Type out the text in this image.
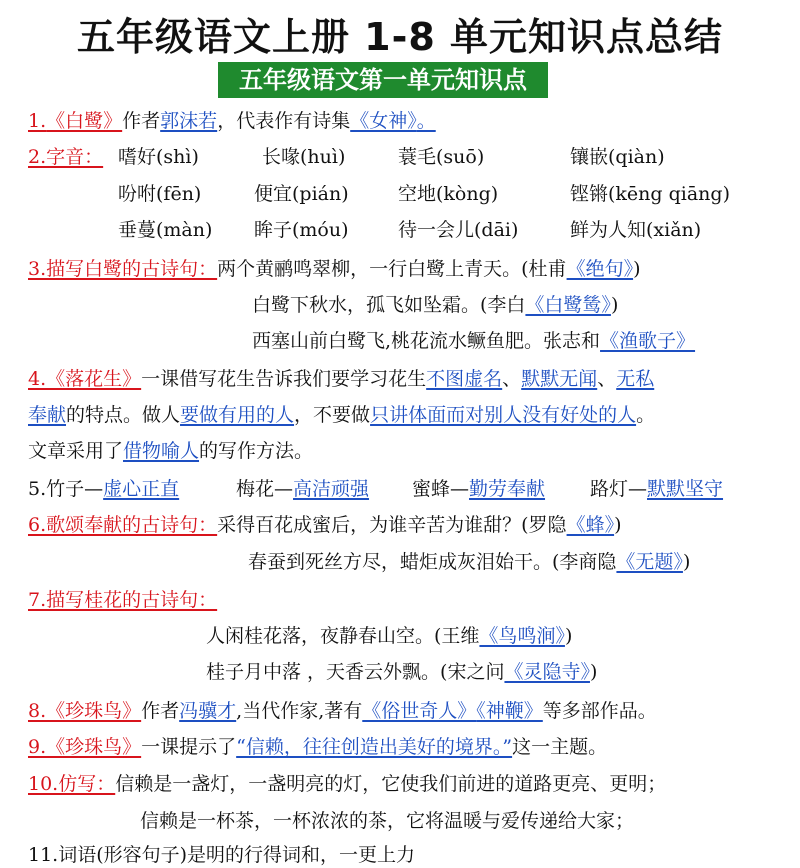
五年级语文上册 1-8 单元知识点总结
五年级语文第一单元知识点
1.《白鹭》作者郭沫若，代表作有诗集《女神》。
2.字音： 嗜好(shì)	长喙(huì)	蓑毛(suō)	镶嵌(qiàn)
吩咐(fēn)	便宜(pián)	空地(kòng)	铿锵(kēng qiāng)
垂蔓(màn) 眸子(móu)	待一会儿(dāi)	鲜为人知(xiǎn)
3.描写白鹭的古诗句：两个黄鹂鸣翠柳，一行白鹭上青天。(杜甫《绝句》)
白鹭下秋水，孤飞如坠霜。(李白《白鹭鸶》)
西塞山前白鹭飞,桃花流水鳜鱼肥。张志和《渔歌子》
4.《落花生》一课借写花生告诉我们要学习花生不图虚名、默默无闻、无私
奉献的特点。做人要做有用的人，不要做只讲体面而对别人没有好处的人。
文章采用了借物喻人的写作方法。
5.竹子—虚心正直	梅花—高洁顽强 蜜蜂—勤劳奉献 路灯—默默坚守
6.歌颂奉献的古诗句：采得百花成蜜后，为谁辛苦为谁甜？(罗隐《蜂》)
春蚕到死丝方尽，蜡炬成灰泪始干。(李商隐《无题》)
7.描写桂花的古诗句：
人闲桂花落，夜静春山空。(王维《鸟鸣涧》)
桂子月中落 ，天香云外飘。(宋之问《灵隐寺》)
8.《珍珠鸟》作者冯骥才,当代作家,著有《俗世奇人》《神鞭》等多部作品。
9.《珍珠鸟》一课提示了“信赖，往往创造出美好的境界。”这一主题。
10.仿写：信赖是一盏灯，一盏明亮的灯，它使我们前进的道路更亮、更明；
信赖是一杯茶，一杯浓浓的茶，它将温暖与爱传递给大家；
11.词语(形容句子)是明的行得词和，一更上力
